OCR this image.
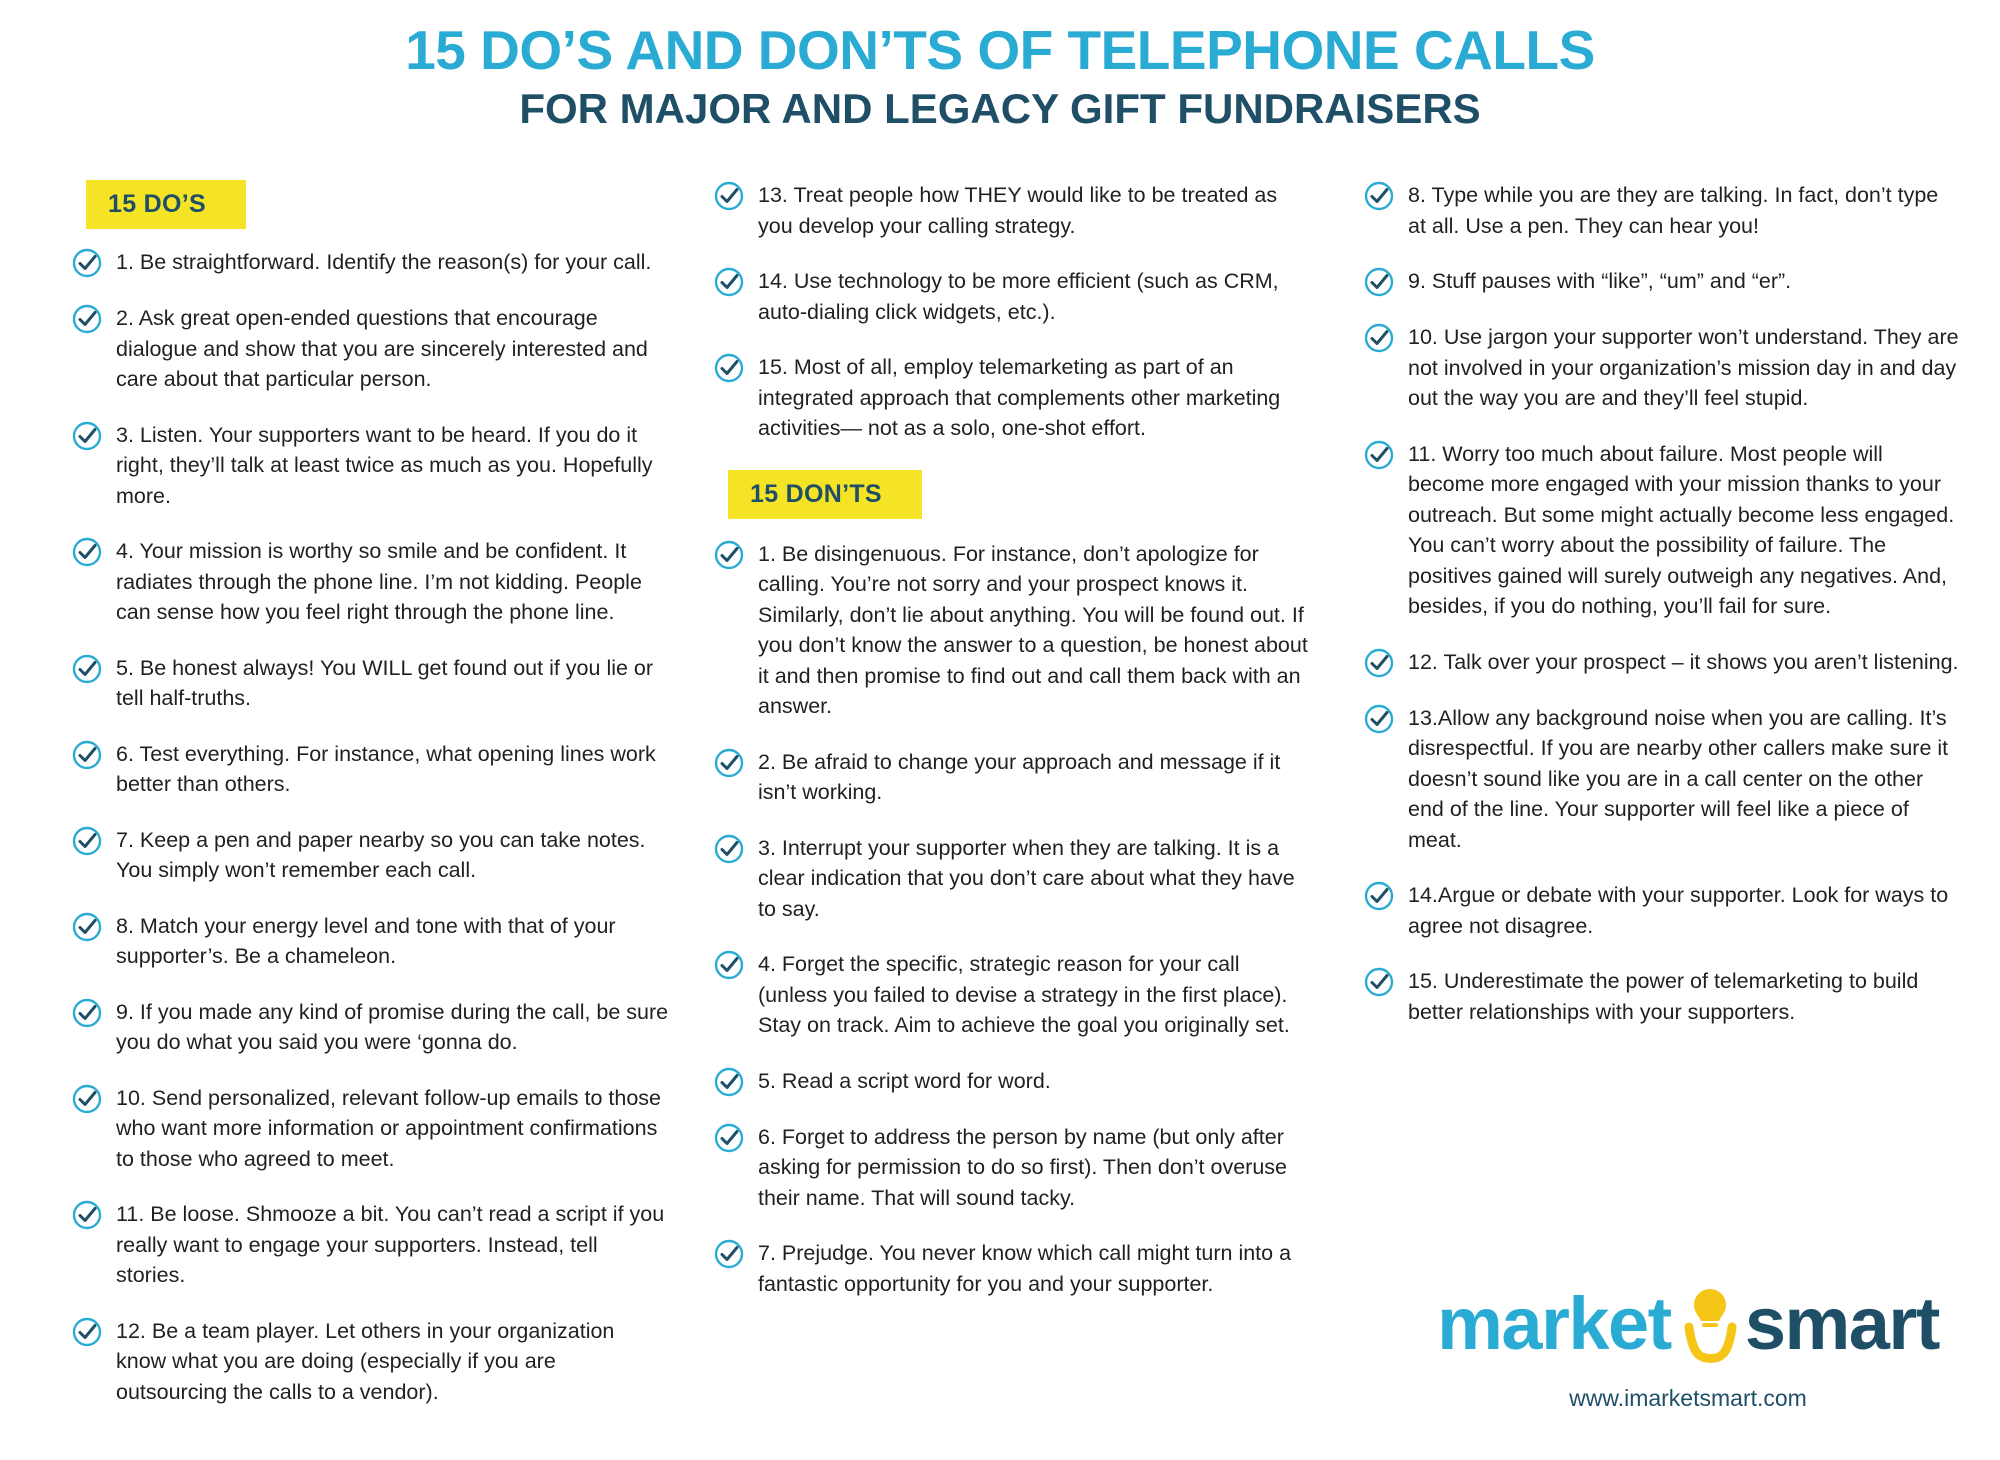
15 DO’S AND DON’TS OF TELEPHONE CALLS
FOR MAJOR AND LEGACY GIFT FUNDRAISERS
15 DO’S
1. Be straightforward. Identify the reason(s) for your call.
2. Ask great open-ended questions that encourage dialogue and show that you are sincerely interested and care about that particular person.
3. Listen. Your supporters want to be heard. If you do it right, they’ll talk at least twice as much as you. Hopefully more.
4. Your mission is worthy so smile and be confident. It radiates through the phone line. I’m not kidding. People can sense how you feel right through the phone line.
5. Be honest always! You WILL get found out if you lie or tell half-truths.
6. Test everything. For instance, what opening lines work better than others.
7. Keep a pen and paper nearby so you can take notes. You simply won’t remember each call.
8. Match your energy level and tone with that of your supporter’s. Be a chameleon.
9. If you made any kind of promise during the call, be sure you do what you said you were ‘gonna do.
10. Send personalized, relevant follow-up emails to those who want more information or appointment confirmations to those who agreed to meet.
11. Be loose. Shmooze a bit. You can’t read a script if you really want to engage your supporters. Instead, tell stories.
12. Be a team player. Let others in your organization know what you are doing (especially if you are outsourcing the calls to a vendor).
13. Treat people how THEY would like to be treated as you develop your calling strategy.
14. Use technology to be more efficient (such as CRM, auto-dialing click widgets, etc.).
15. Most of all, employ telemarketing as part of an integrated approach that complements other marketing activities— not as a solo, one-shot effort.
15 DON’TS
1. Be disingenuous. For instance, don’t apologize for calling. You’re not sorry and your prospect knows it. Similarly, don’t lie about anything. You will be found out. If you don’t know the answer to a question, be honest about it and then promise to find out and call them back with an answer.
2. Be afraid to change your approach and message if it isn’t working.
3. Interrupt your supporter when they are talking. It is a clear indication that you don’t care about what they have to say.
4. Forget the specific, strategic reason for your call (unless you failed to devise a strategy in the first place). Stay on track. Aim to achieve the goal you originally set.
5. Read a script word for word.
6. Forget to address the person by name (but only after asking for permission to do so first). Then don’t overuse their name. That will sound tacky.
7. Prejudge. You never know which call might turn into a fantastic opportunity for you and your supporter.
8. Type while you are they are talking. In fact, don’t type at all. Use a pen. They can hear you!
9. Stuff pauses with “like”, “um” and “er”.
10. Use jargon your supporter won’t understand. They are not involved in your organization’s mission day in and day out the way you are and they’ll feel stupid.
11. Worry too much about failure. Most people will become more engaged with your mission thanks to your outreach. But some might actually become less engaged. You can’t worry about the possibility of failure. The positives gained will surely outweigh any negatives. And, besides, if you do nothing, you’ll fail for sure.
12. Talk over your prospect – it shows you aren’t listening.
13.Allow any background noise when you are calling. It’s disrespectful. If you are nearby other callers make sure it doesn’t sound like you are in a call center on the other end of the line. Your supporter will feel like a piece of meat.
14.Argue or debate with your supporter. Look for ways to agree not disagree.
15. Underestimate the power of telemarketing to build better relationships with your supporters.
market smart
www.imarketsmart.com
